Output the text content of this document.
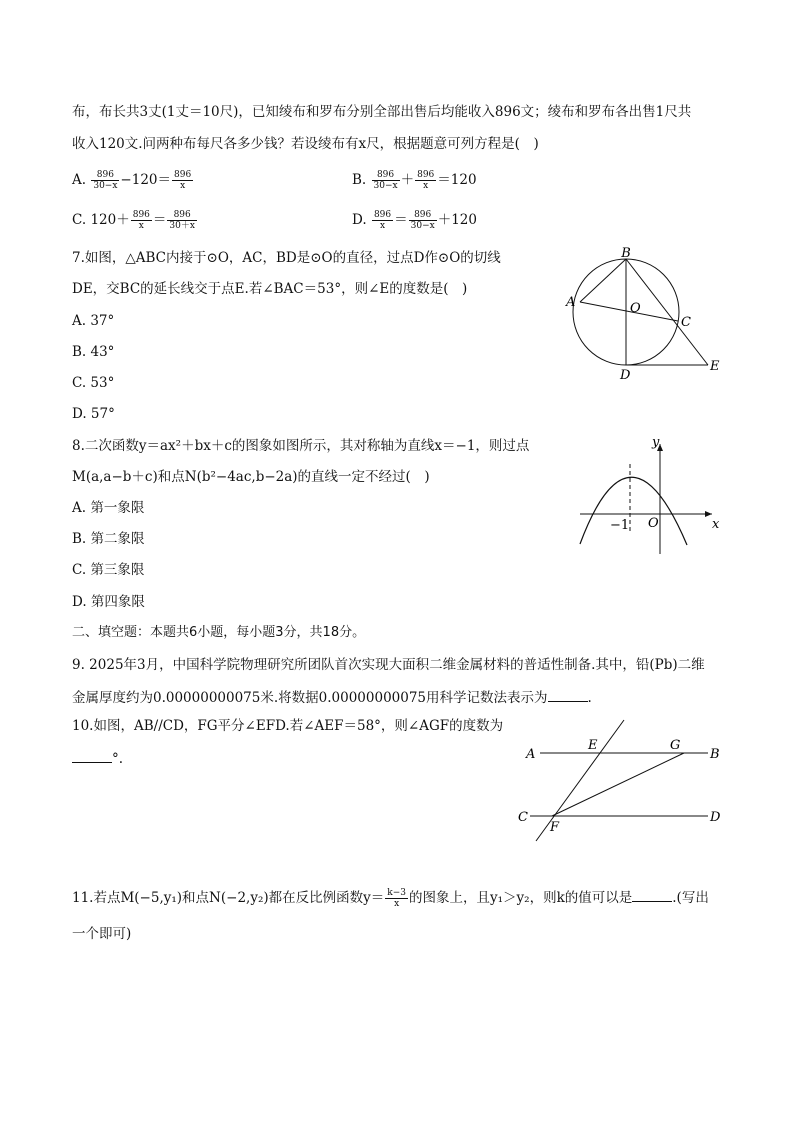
布，布长共3丈(1丈＝10尺)，已知绫布和罗布分别全部出售后均能收入896文；绫布和罗布各出售1尺共
收入120文.问两种布每尺各多少钱？若设绫布有x尺，根据题意可列方程是(　)
A. $\frac{896}{30-x} -120= \frac{896}{x}$	B. $\frac{896}{30-x} + \frac{896}{x} =120$
C. $120+ \frac{896}{x} = \frac{896}{30+x}$	D. $\frac{896}{x} = \frac{896}{30-x} +120$
7.如图，△ABC内接于⊙O，AC，BD是⊙O的直径，过点D作⊙O的切线
DE，交BC的延长线交于点E.若∠BAC＝53°，则∠E的度数是(　)
A. 37°
B. 43°
C. 53°
D. 57°
B
A	O
C
D
E
8.二次函数y＝ax²＋bx＋c的图象如图所示，其对称轴为直线x＝−1，则过点
M(a,a−b＋c)和点N(b²−4ac,b−2a)的直线一定不经过(　)
A. 第一象限
B. 第二象限
C. 第三象限
D. 第四象限
y
x
O
−1
二、填空题：本题共6小题，每小题3分，共18分。
9. 2025年3月，中国科学院物理研究所团队首次实现大面积二维金属材料的普适性制备.其中，铅(Pb)二维
金属厚度约为0.00000000075米.将数据0.00000000075用科学记数法表示为	.
10.如图，AB//CD，FG平分∠EFD.若∠AEF＝58°，则∠AGF的度数为
°.	A	B
E	G
C	D
F
11.若点M(−5,y₁)和点N(−2,y₂)都在反比例函数$y= \frac{k-3}{x}$ 的图象上，且y₁＞y₂，则k的值可以是	.(写出
一个即可)
